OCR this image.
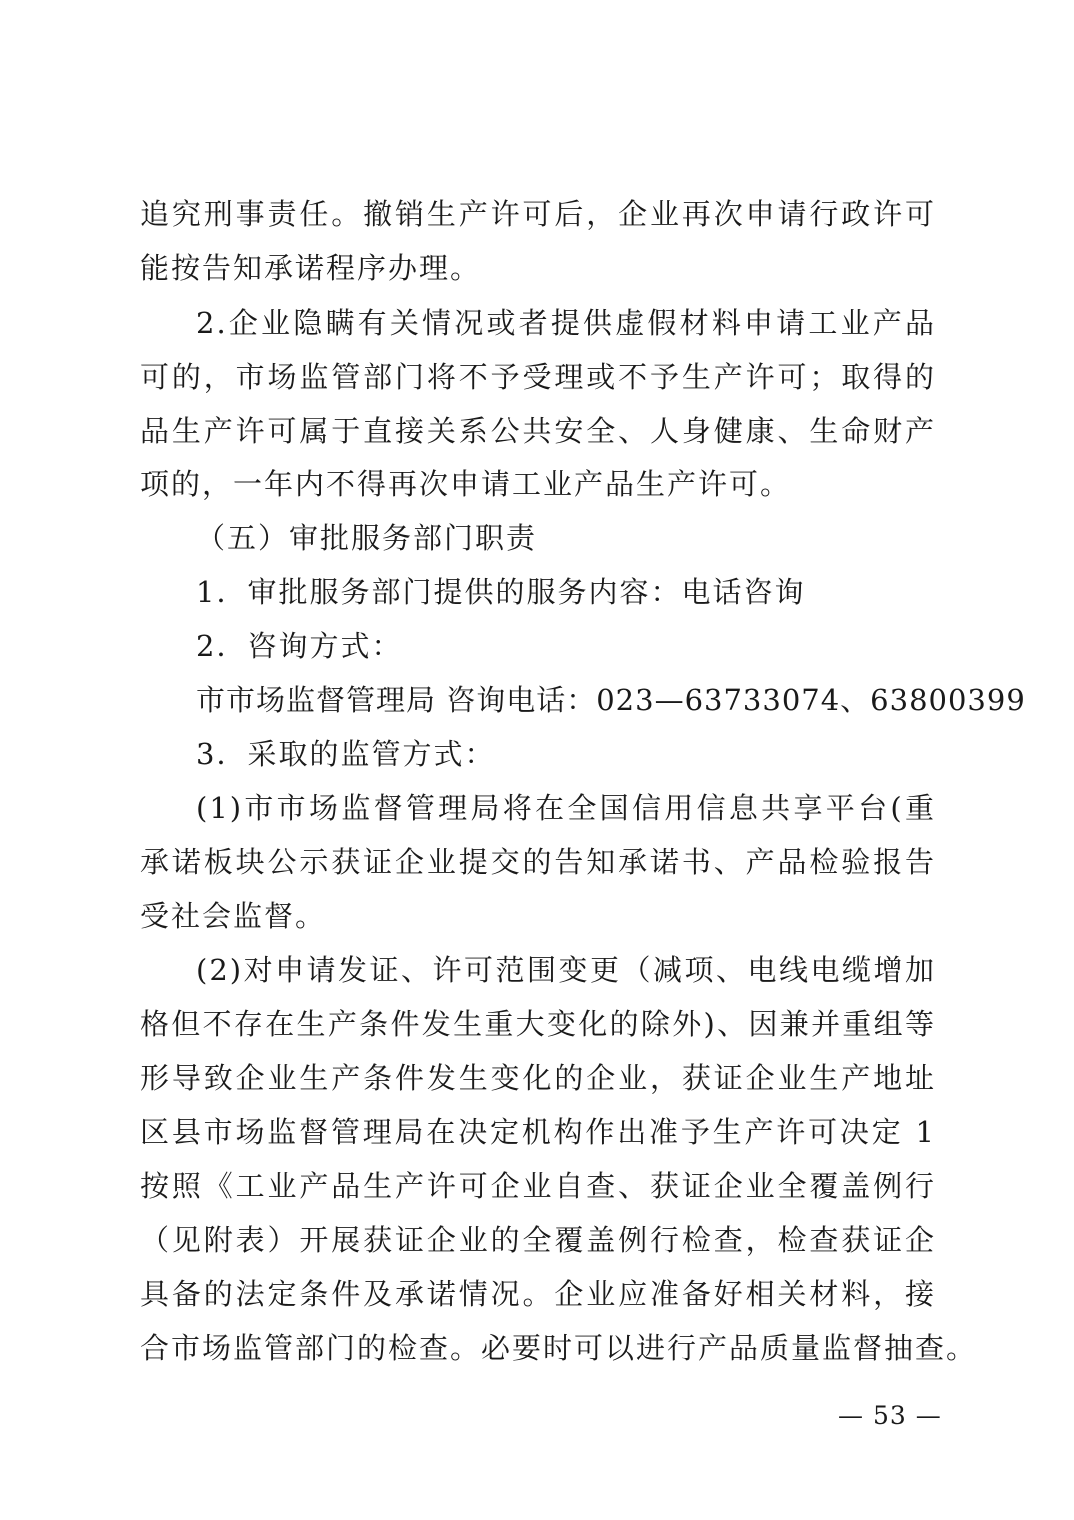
追究刑事责任。撤销生产许可后，企业再次申请行政许可
能按告知承诺程序办理。
2.企业隐瞒有关情况或者提供虚假材料申请工业产品
可的，市场监管部门将不予受理或不予生产许可；取得的
品生产许可属于直接关系公共安全、人身健康、生命财产
项的，一年内不得再次申请工业产品生产许可。
（五）审批服务部门职责
1．审批服务部门提供的服务内容：电话咨询
2．咨询方式：
市市场监督管理局 咨询电话：023—63733074、63800399
3．采取的监管方式：
(1)市市场监督管理局将在全国信用信息共享平台(重
承诺板块公示获证企业提交的告知承诺书、产品检验报告
受社会监督。
(2)对申请发证、许可范围变更（减项、电线电缆增加
格但不存在生产条件发生重大变化的除外)、因兼并重组等
形导致企业生产条件发生变化的企业，获证企业生产地址
区县市场监督管理局在决定机构作出准予生产许可决定 1
按照《工业产品生产许可企业自查、获证企业全覆盖例行
（见附表）开展获证企业的全覆盖例行检查，检查获证企
具备的法定条件及承诺情况。企业应准备好相关材料，接
合市场监管部门的检查。必要时可以进行产品质量监督抽查。
— 53 —
